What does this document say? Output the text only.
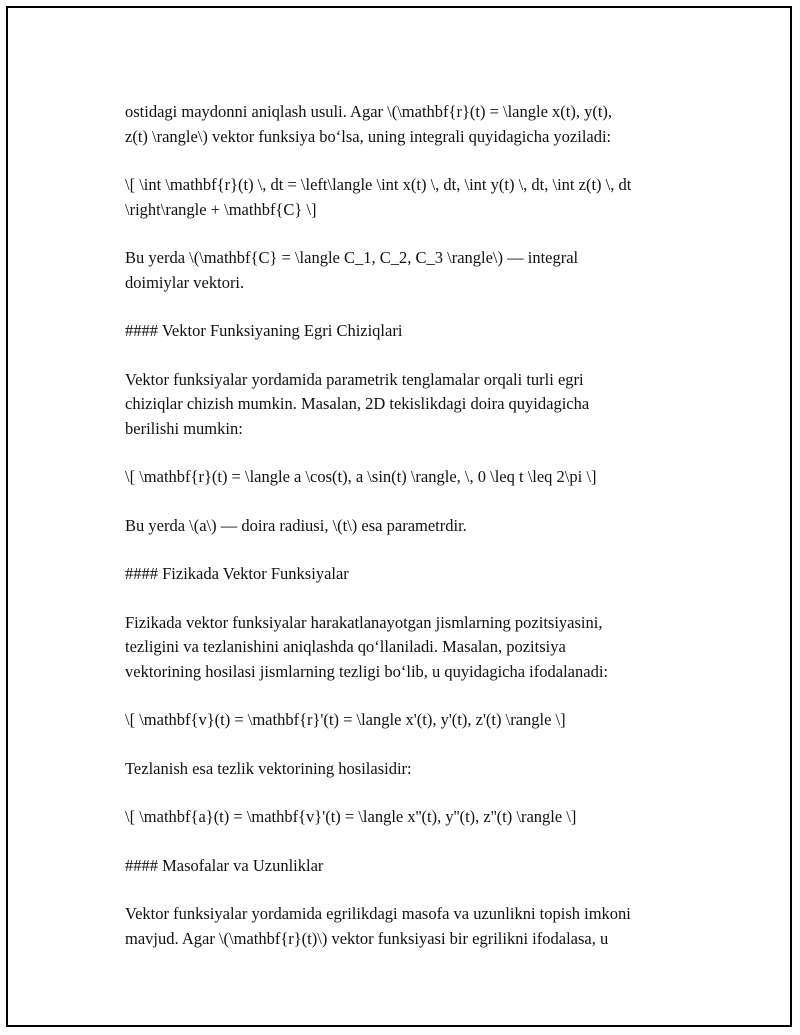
ostidagi maydonni aniqlash usuli. Agar \(\mathbf{r}(t) = \langle x(t), y(t),
z(t) \rangle\) vektor funksiya bo‘lsa, uning integrali quyidagicha yoziladi:

\[ \int \mathbf{r}(t) \, dt = \left\langle \int x(t) \, dt, \int y(t) \, dt, \int z(t) \, dt
\right\rangle + \mathbf{C} \]

Bu yerda \(\mathbf{C} = \langle C_1, C_2, C_3 \rangle\) — integral
doimiylar vektori.

#### Vektor Funksiyaning Egri Chiziqlari

Vektor funksiyalar yordamida parametrik tenglamalar orqali turli egri
chiziqlar chizish mumkin. Masalan, 2D tekislikdagi doira quyidagicha
berilishi mumkin:

\[ \mathbf{r}(t) = \langle a \cos(t), a \sin(t) \rangle, \, 0 \leq t \leq 2\pi \]

Bu yerda \(a\) — doira radiusi, \(t\) esa parametrdir.

#### Fizikada Vektor Funksiyalar

Fizikada vektor funksiyalar harakatlanayotgan jismlarning pozitsiyasini,
tezligini va tezlanishini aniqlashda qo‘llaniladi. Masalan, pozitsiya
vektorining hosilasi jismlarning tezligi bo‘lib, u quyidagicha ifodalanadi:

\[ \mathbf{v}(t) = \mathbf{r}'(t) = \langle x'(t), y'(t), z'(t) \rangle \]

Tezlanish esa tezlik vektorining hosilasidir:

\[ \mathbf{a}(t) = \mathbf{v}'(t) = \langle x''(t), y''(t), z''(t) \rangle \]

#### Masofalar va Uzunliklar

Vektor funksiyalar yordamida egrilikdagi masofa va uzunlikni topish imkoni
mavjud. Agar \(\mathbf{r}(t)\) vektor funksiyasi bir egrilikni ifodalasa, u
